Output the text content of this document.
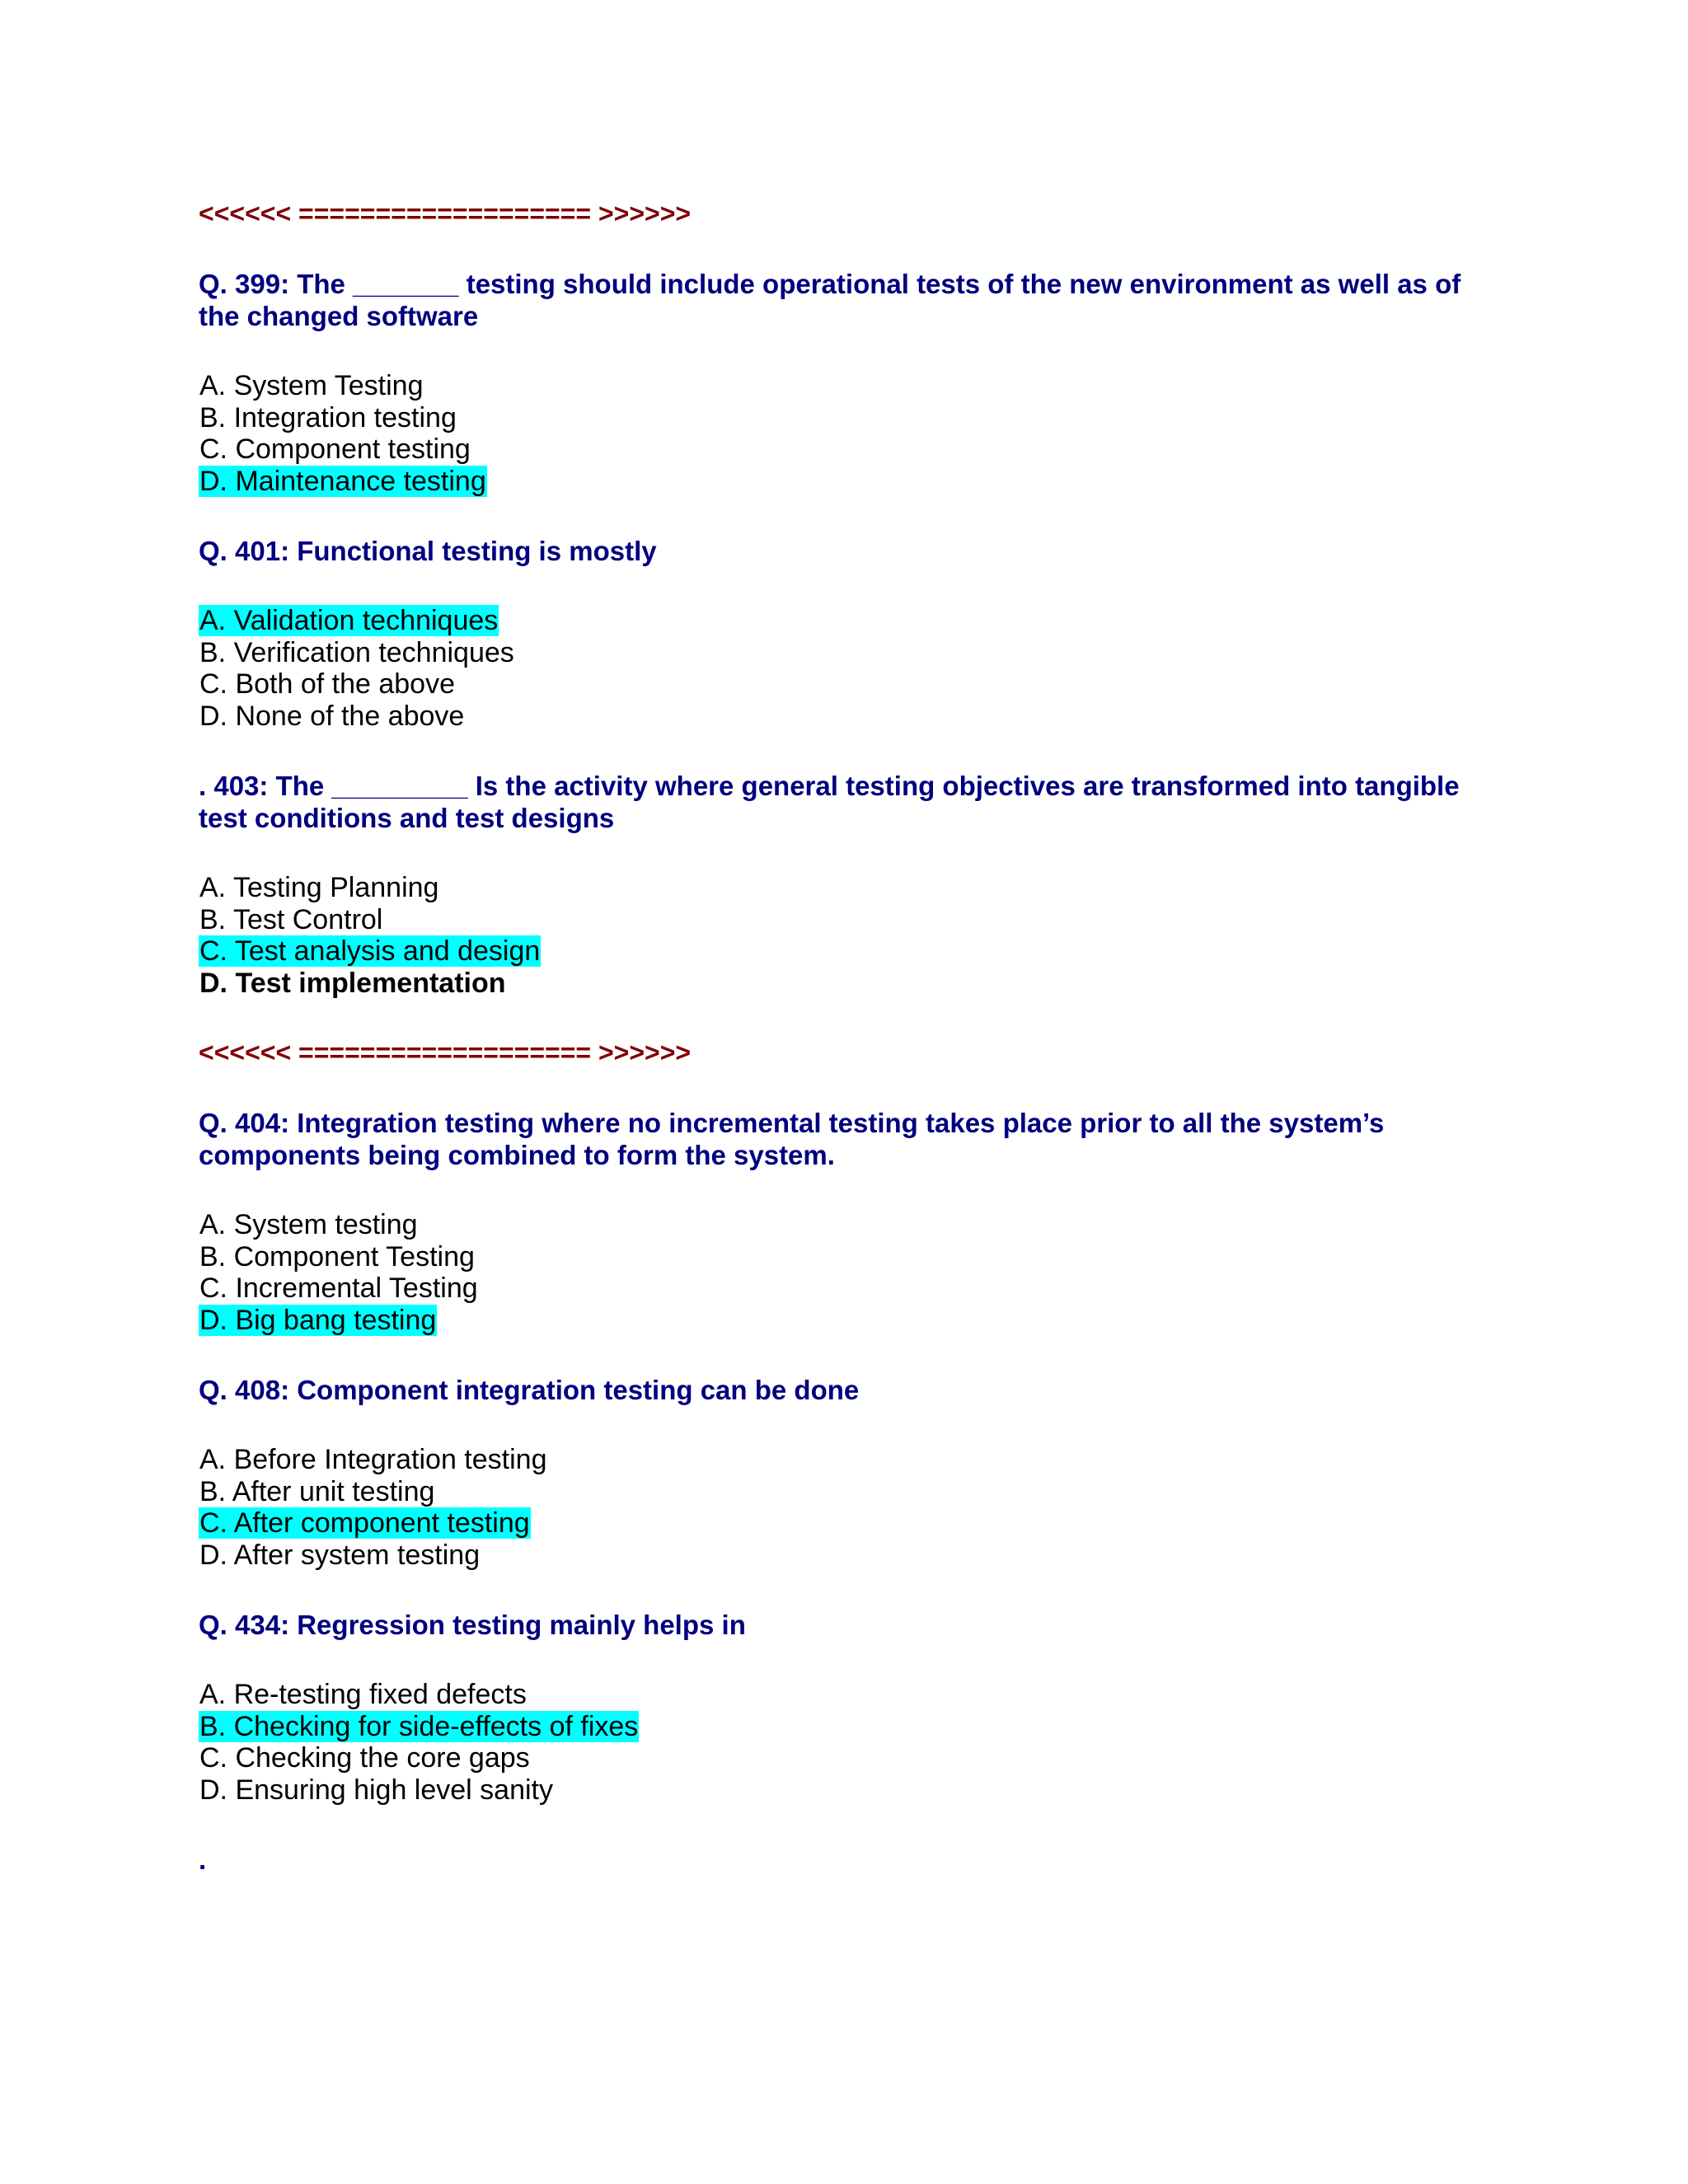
<<<<<< =================== >>>>>>

Q. 399: The _______ testing should include operational tests of the new environment as well as of the changed software

A. System Testing
B. Integration testing
C. Component testing
D. Maintenance testing

Q. 401: Functional testing is mostly

A. Validation techniques
B. Verification techniques
C. Both of the above
D. None of the above

. 403: The _________ Is the activity where general testing objectives are transformed into tangible test conditions and test designs

A. Testing Planning
B. Test Control
C. Test analysis and design
D. Test implementation
<<<<<< =================== >>>>>>

Q. 404: Integration testing where no incremental testing takes place prior to all the system’s components being combined to form the system.

A. System testing
B. Component Testing
C. Incremental Testing
D. Big bang testing

Q. 408: Component integration testing can be done

A. Before Integration testing
B. After unit testing
C. After component testing
D. After system testing

Q. 434: Regression testing mainly helps in

A. Re-testing fixed defects
B. Checking for side-effects of fixes
C. Checking the core gaps
D. Ensuring high level sanity
.
